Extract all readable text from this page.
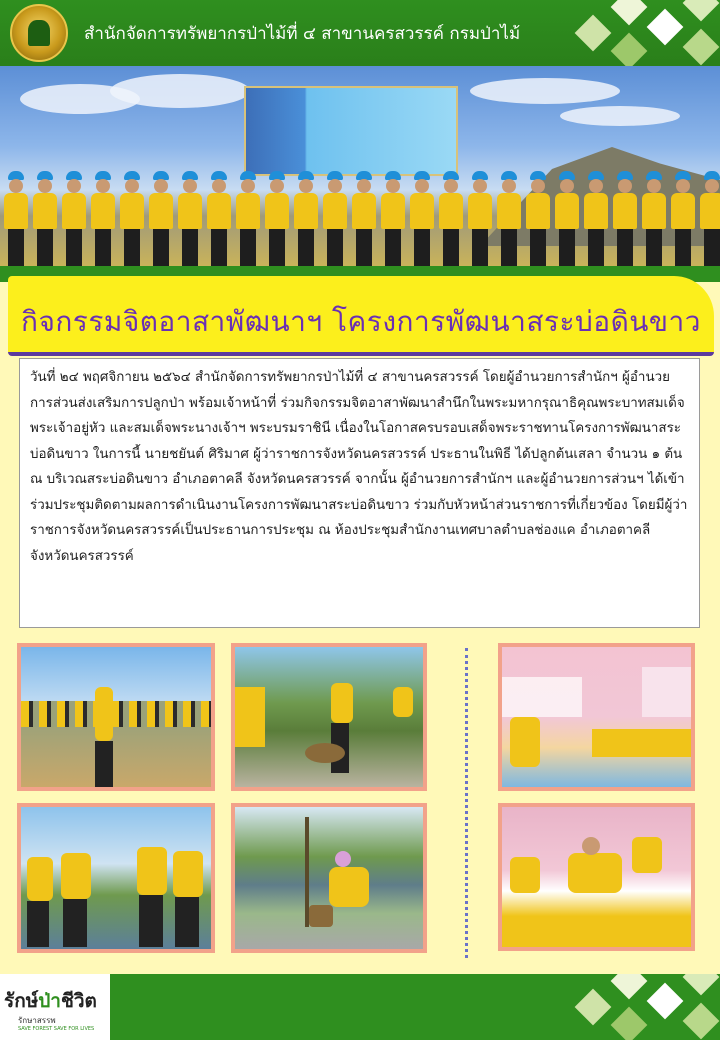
สำนักจัดการทรัพยากรป่าไม้ที่ ๔ สาขานครสวรรค์ กรมป่าไม้
กิจกรรมจิตอาสาพัฒนาฯ โครงการพัฒนาสระบ่อดินขาว

วันที่ ๒๔ พฤศจิกายน ๒๕๖๔ สำนักจัดการทรัพยากรป่าไม้ที่ ๔ สาขานครสวรรค์ โดยผู้อำนวยการสำนักฯ ผู้อำนวยการส่วนส่งเสริมการปลูกป่า พร้อมเจ้าหน้าที่ ร่วมกิจกรรมจิตอาสาพัฒนาสำนึกในพระมหากรุณาธิคุณพระบาทสมเด็จพระเจ้าอยู่หัว และสมเด็จพระนางเจ้าฯ พระบรมราชินี เนื่องในโอกาสครบรอบเสด็จพระราชทานโครงการพัฒนาสระบ่อดินขาว ในการนี้ นายชยันต์ ศิริมาศ ผู้ว่าราชการจังหวัดนครสวรรค์ ประธานในพิธี ได้ปลูกต้นเสลา จำนวน ๑ ต้น ณ บริเวณสระบ่อดินขาว อำเภอตาคลี จังหวัดนครสวรรค์ จากนั้น ผู้อำนวยการสำนักฯ และผู้อำนวยการส่วนฯ ได้เข้าร่วมประชุมติดตามผลการดำเนินงานโครงการพัฒนาสระบ่อดินขาว ร่วมกับหัวหน้าส่วนราชการที่เกี่ยวข้อง โดยมีผู้ว่าราชการจังหวัดนครสวรรค์เป็นประธานการประชุม ณ ห้องประชุมสำนักงานเทศบาลตำบลช่องแค อำเภอตาคลี จังหวัดนครสวรรค์

รักษ์ป่าชีวิต
รักษาสรรพ
SAVE FOREST SAVE FOR LIVES
